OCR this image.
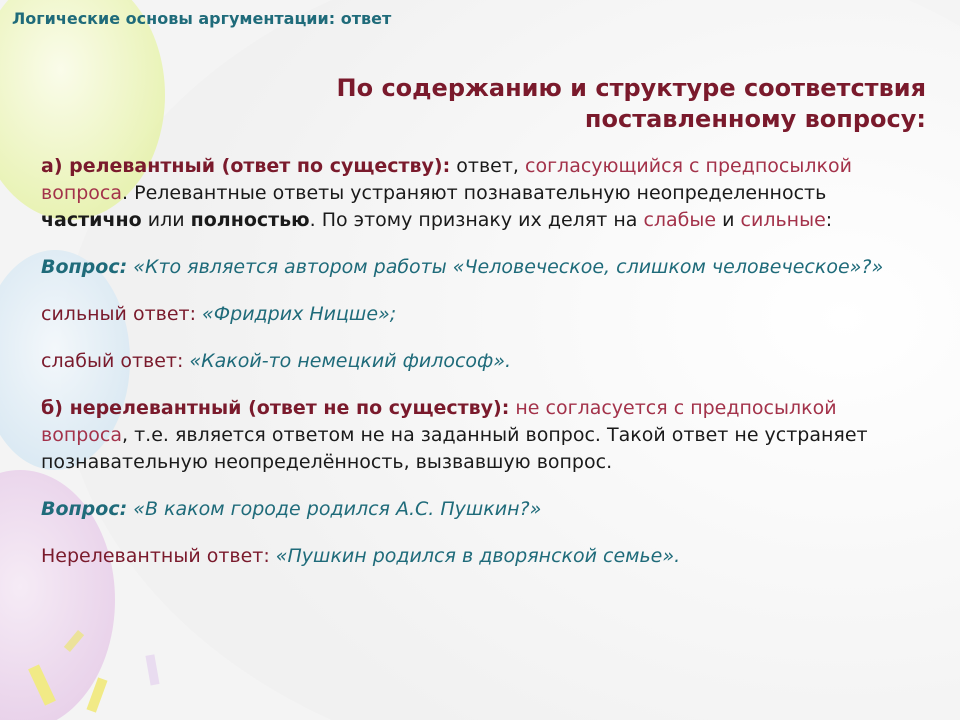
Логические основы аргументации: ответ
По содержанию и структуре соответствия
поставленному вопросу:

а) релевантный (ответ по существу): ответ, согласующийся с предпосылкой вопроса. Релевантные ответы устраняют познавательную неопределенность частично или полностью. По этому признаку их делят на слабые и сильные:

Вопрос: «Кто является автором работы «Человеческое, слишком человеческое»?»

сильный ответ: «Фридрих Ницше»;

слабый ответ: «Какой-то немецкий философ».

б) нерелевантный (ответ не по существу): не согласуется с предпосылкой вопроса, т.е. является ответом не на заданный вопрос. Такой ответ не устраняет познавательную неопределённость, вызвавшую вопрос.

Вопрос: «В каком городе родился А.С. Пушкин?»

Нерелевантный ответ: «Пушкин родился в дворянской семье».
